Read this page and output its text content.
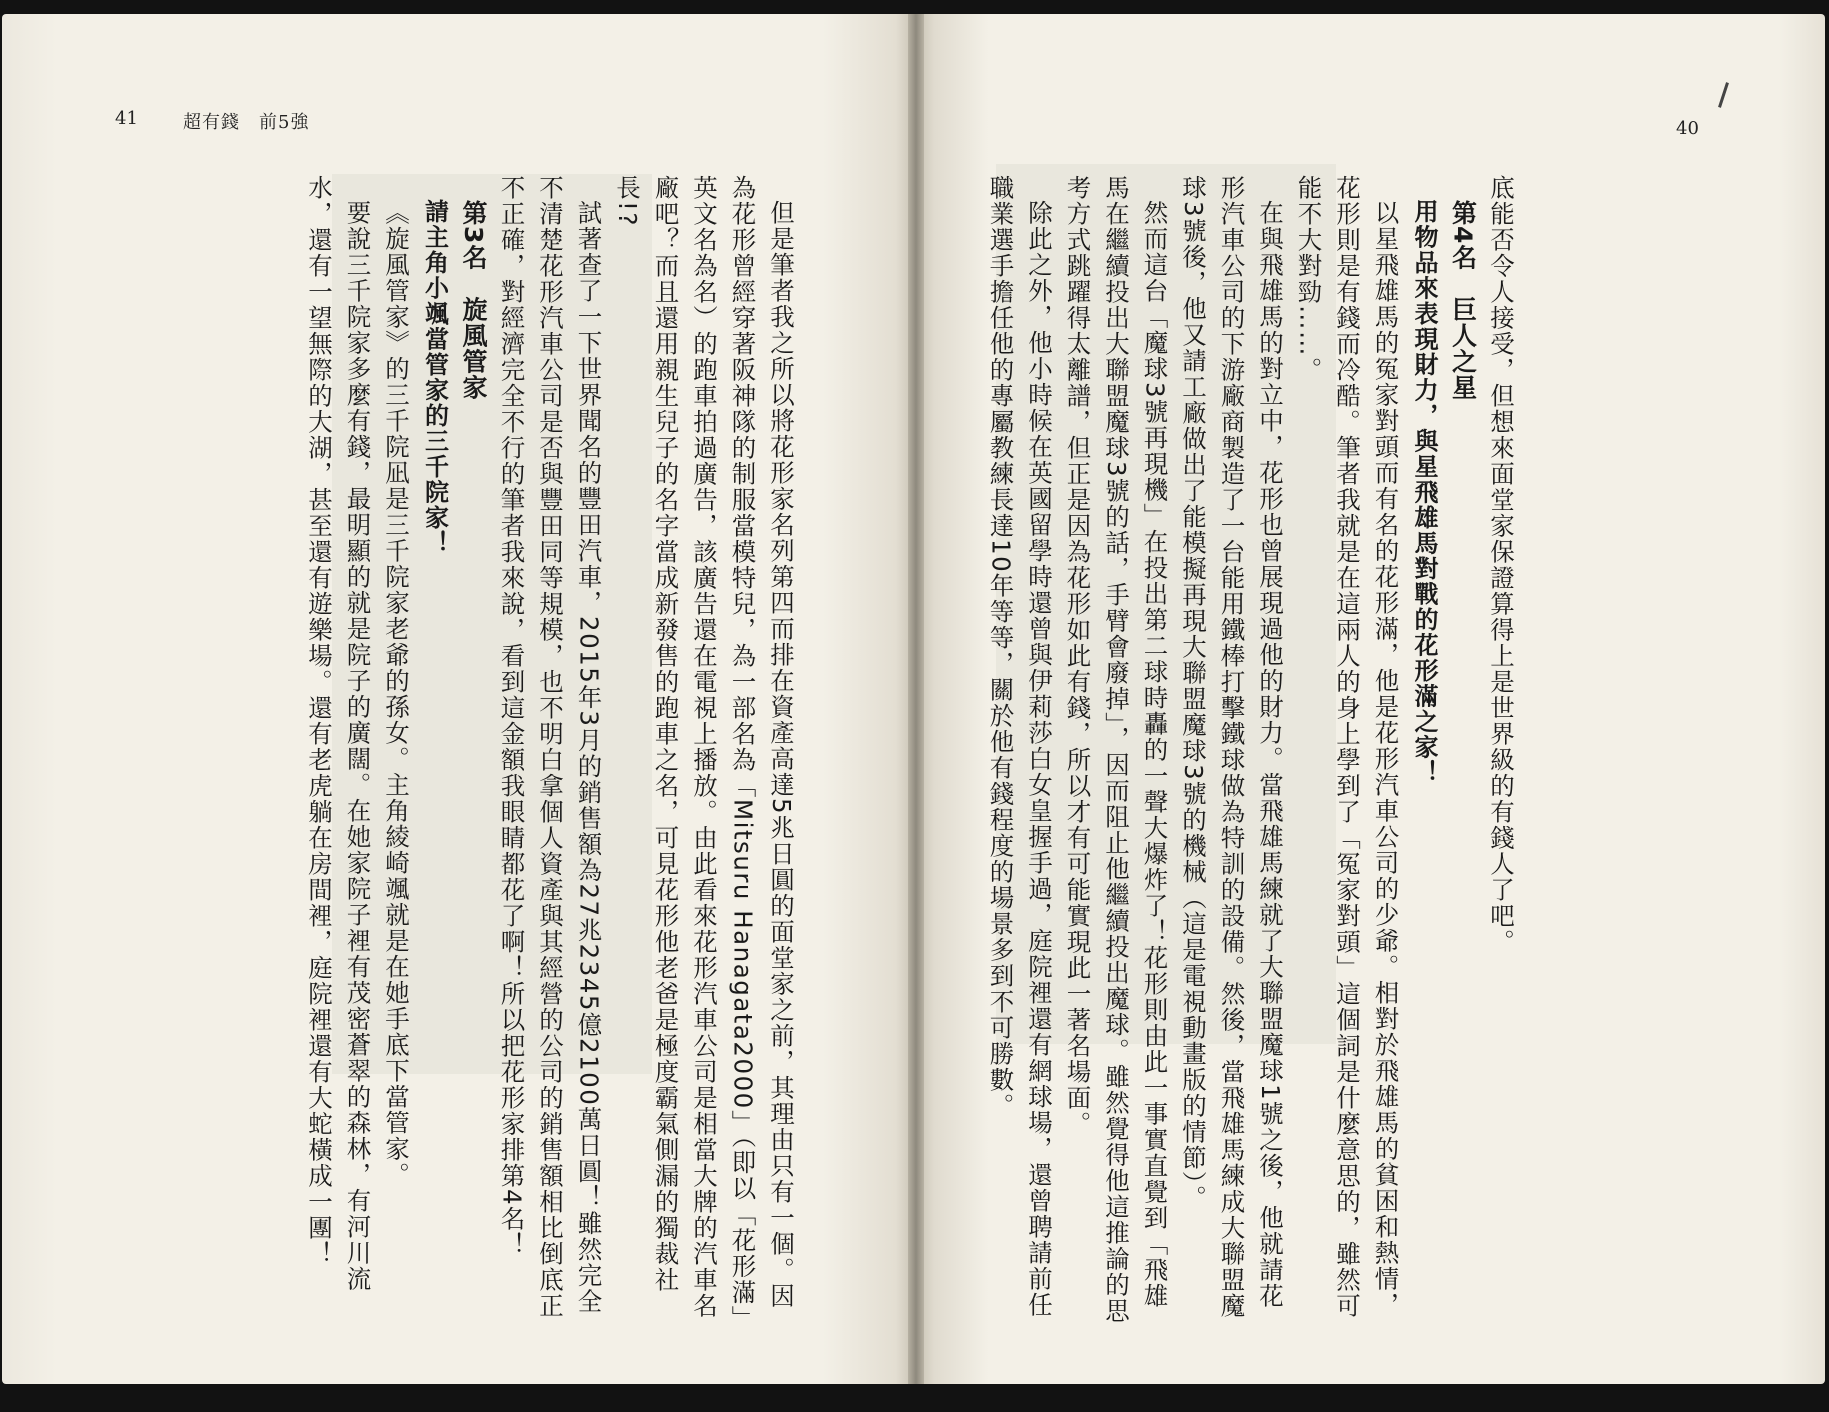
41	超有錢　前5強	40

底能否令人接受，但想來面堂家保證算得上是世界級的有錢人了吧。

第4名　巨人之星

用物品來表現財力，與星飛雄馬對戰的花形滿之家！

以星飛雄馬的冤家對頭而有名的花形滿，他是花形汽車公司的少爺。相對於飛雄馬的貧困和熱情，花形則是有錢而冷酷。筆者我就是在這兩人的身上學到了「冤家對頭」這個詞是什麼意思的，雖然可能不大對勁……。

在與飛雄馬的對立中，花形也曾展現過他的財力。當飛雄馬練就了大聯盟魔球1號之後，他就請花形汽車公司的下游廠商製造了一台能用鐵棒打擊鐵球做為特訓的設備。然後，當飛雄馬練成大聯盟魔球3號後，他又請工廠做出了能模擬再現大聯盟魔球3號的機械（這是電視動畫版的情節）。

然而這台「魔球3號再現機」在投出第二球時轟的一聲大爆炸了！花形則由此一事實直覺到「飛雄馬在繼續投出大聯盟魔球3號的話，手臂會廢掉」，因而阻止他繼續投出魔球。雖然覺得他這推論的思考方式跳躍得太離譜，但正是因為花形如此有錢，所以才有可能實現此一著名場面。

除此之外，他小時候在英國留學時還曾與伊莉莎白女皇握手過，庭院裡還有網球場，還曾聘請前任職業選手擔任他的專屬教練長達10年等等，關於他有錢程度的場景多到不可勝數。

但是筆者我之所以將花形家名列第四而排在資產高達5兆日圓的面堂家之前，其理由只有一個。因為花形曾經穿著阪神隊的制服當模特兒，為一部名為「Mitsuru Hanagata2000」（即以「花形滿」英文名為名）的跑車拍過廣告，該廣告還在電視上播放。由此看來花形汽車公司是相當大牌的汽車名廠吧？而且還用親生兒子的名字當成新發售的跑車之名，可見花形他老爸是極度霸氣側漏的獨裁社長!?

試著查了一下世界聞名的豐田汽車，2015年3月的銷售額為27兆2345億2100萬日圓！雖然完全不清楚花形汽車公司是否與豐田同等規模，也不明白拿個人資產與其經營的公司的銷售額相比倒底正不正確，對經濟完全不行的筆者我來說，看到這金額我眼睛都花了啊！所以把花形家排第4名！

第3名　旋風管家

請主角小颯當管家的三千院家！

《旋風管家》的三千院凪是三千院家老爺的孫女。主角綾崎颯就是在她手底下當管家。

要說三千院家多麼有錢，最明顯的就是院子的廣闊。在她家院子裡有茂密蒼翠的森林，有河川流水，還有一望無際的大湖，甚至還有遊樂場。還有老虎躺在房間裡，庭院裡還有大蛇橫成一團！
